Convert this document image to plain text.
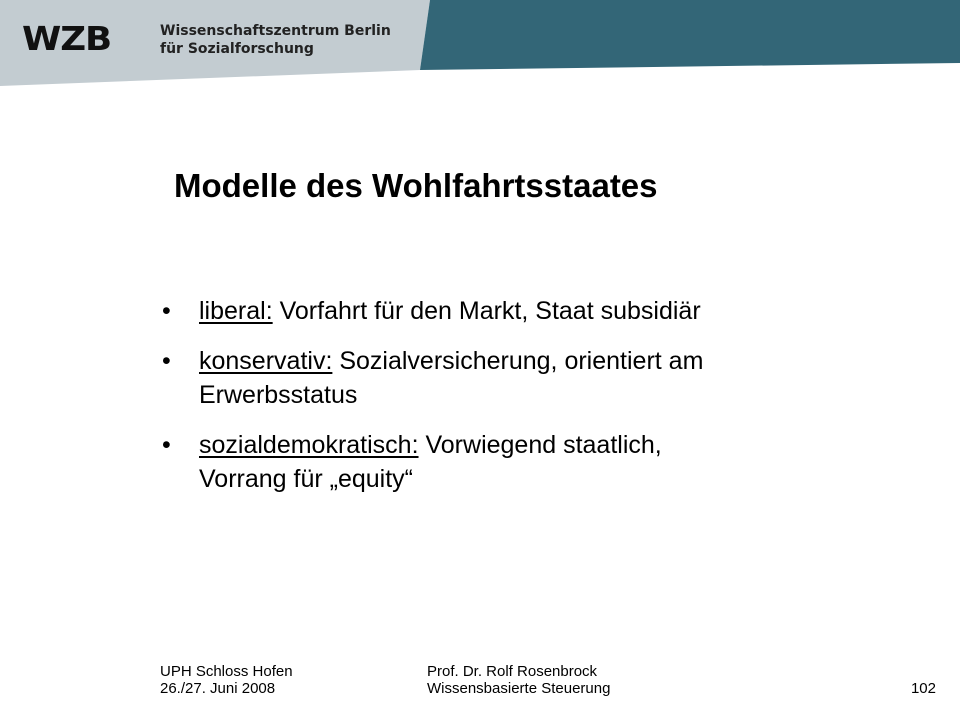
WZB	Wissenschaftszentrum Berlin
für Sozialforschung
Modelle des Wohlfahrtsstaates
• liberal: Vorfahrt für den Markt, Staat subsidiär
• konservativ: Sozialversicherung, orientiert am Erwerbsstatus
• sozialdemokratisch: Vorwiegend staatlich, Vorrang für „equity“
UPH Schloss Hofen
26./27. Juni 2008
Prof. Dr. Rolf Rosenbrock
Wissensbasierte Steuerung	102
